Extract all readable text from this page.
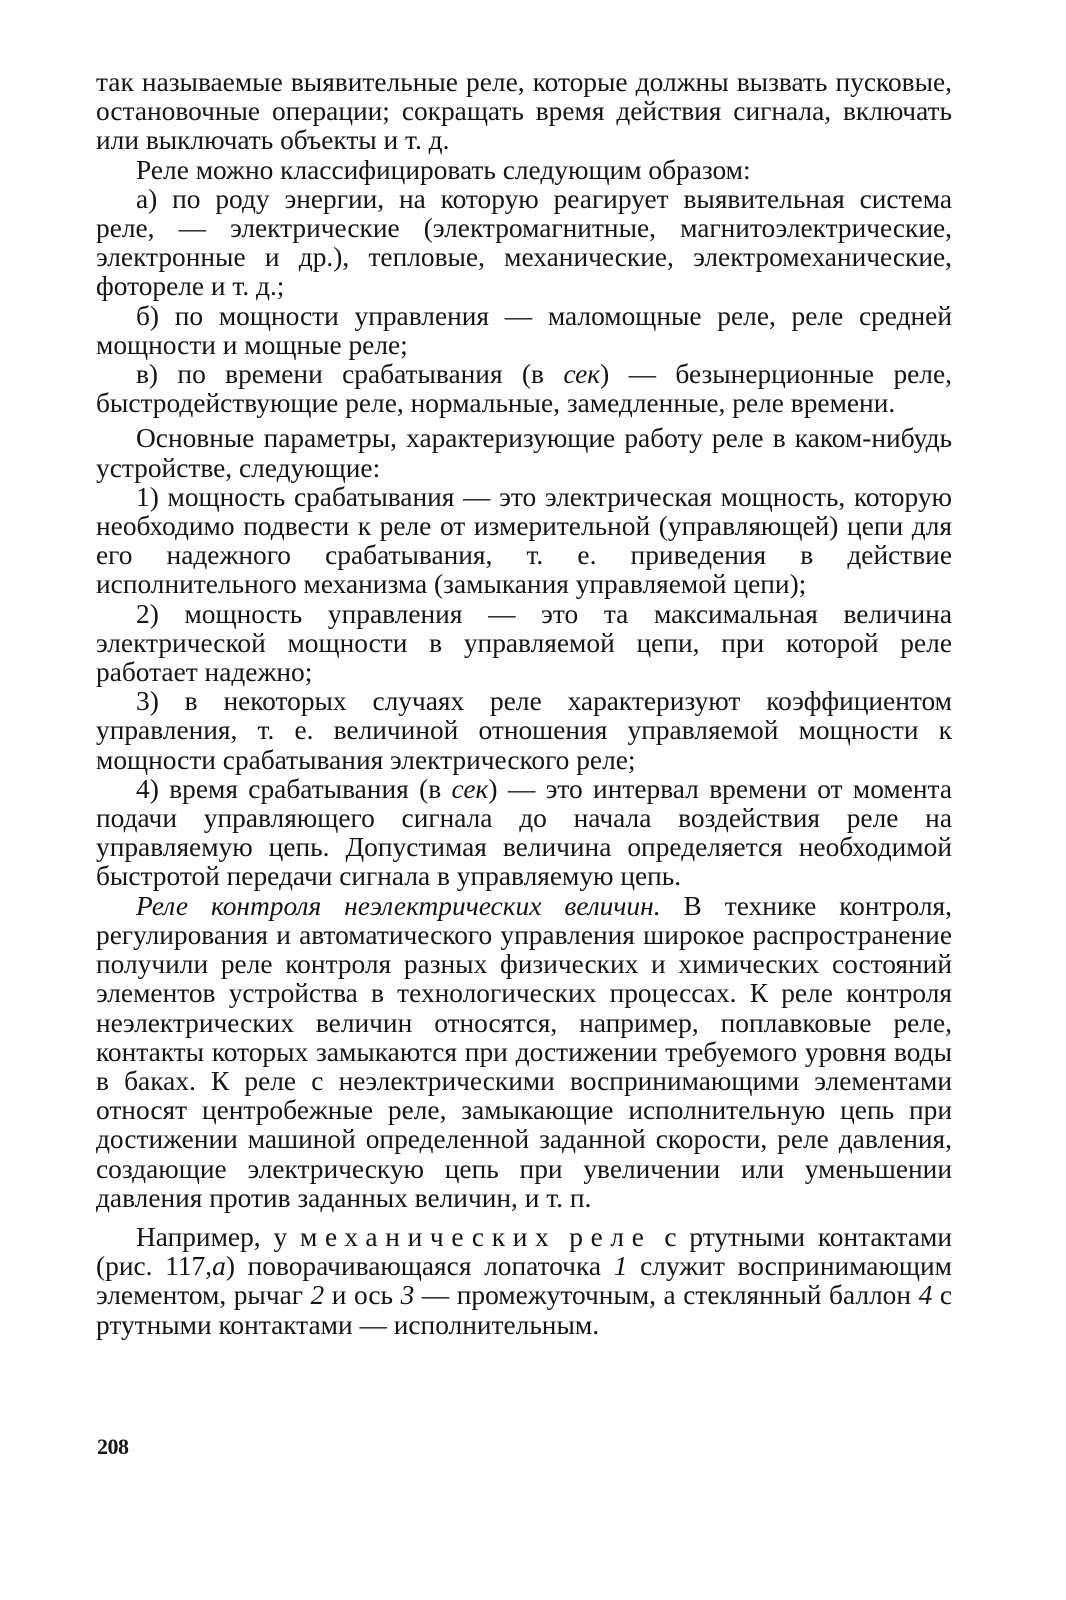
так называемые выявительные реле, которые должны вызвать пусковые, остановочные операции; сокращать время действия сигнала, включать или выключать объекты и т. д.

Реле можно классифицировать следующим образом:

а) по роду энергии, на которую реагирует выявительная система реле, — электрические (электромагнитные, магнитоэлектрические, электронные и др.), тепловые, механические, электромеханические, фотореле и т. д.;

б) по мощности управления — маломощные реле, реле средней мощности и мощные реле;

в) по времени срабатывания (в сек) — безынерционные реле, быстродействующие реле, нормальные, замедленные, реле времени.

Основные параметры, характеризующие работу реле в каком-нибудь устройстве, следующие:

1) мощность срабатывания — это электрическая мощность, которую необходимо подвести к реле от измерительной (управляющей) цепи для его надежного срабатывания, т. е. приведения в действие исполнительного механизма (замыкания управляемой цепи);

2) мощность управления — это та максимальная величина электрической мощности в управляемой цепи, при которой реле работает надежно;

3) в некоторых случаях реле характеризуют коэффициентом управления, т. е. величиной отношения управляемой мощности к мощности срабатывания электрического реле;

4) время срабатывания (в сек) — это интервал времени от момента подачи управляющего сигнала до начала воздействия реле на управляемую цепь. Допустимая величина определяется необходимой быстротой передачи сигнала в управляемую цепь.

Реле контроля неэлектрических величин. В технике контроля, регулирования и автоматического управления широкое распространение получили реле контроля разных физических и химических состояний элементов устройства в технологических процессах. К реле контроля неэлектрических величин относятся, например, поплавковые реле, контакты которых замыкаются при достижении требуемого уровня воды в баках. К реле с неэлектрическими воспринимающими элементами относят центробежные реле, замыкающие исполнительную цепь при достижении машиной определенной заданной скорости, реле давления, создающие электрическую цепь при увеличении или уменьшении давления против заданных величин, и т. п.

Например, у механических реле с ртутными контактами (рис. 117,а) поворачивающаяся лопаточка 1 служит воспринимающим элементом, рычаг 2 и ось 3 — промежуточным, а стеклянный баллон 4 с ртутными контактами — исполнительным.

208
